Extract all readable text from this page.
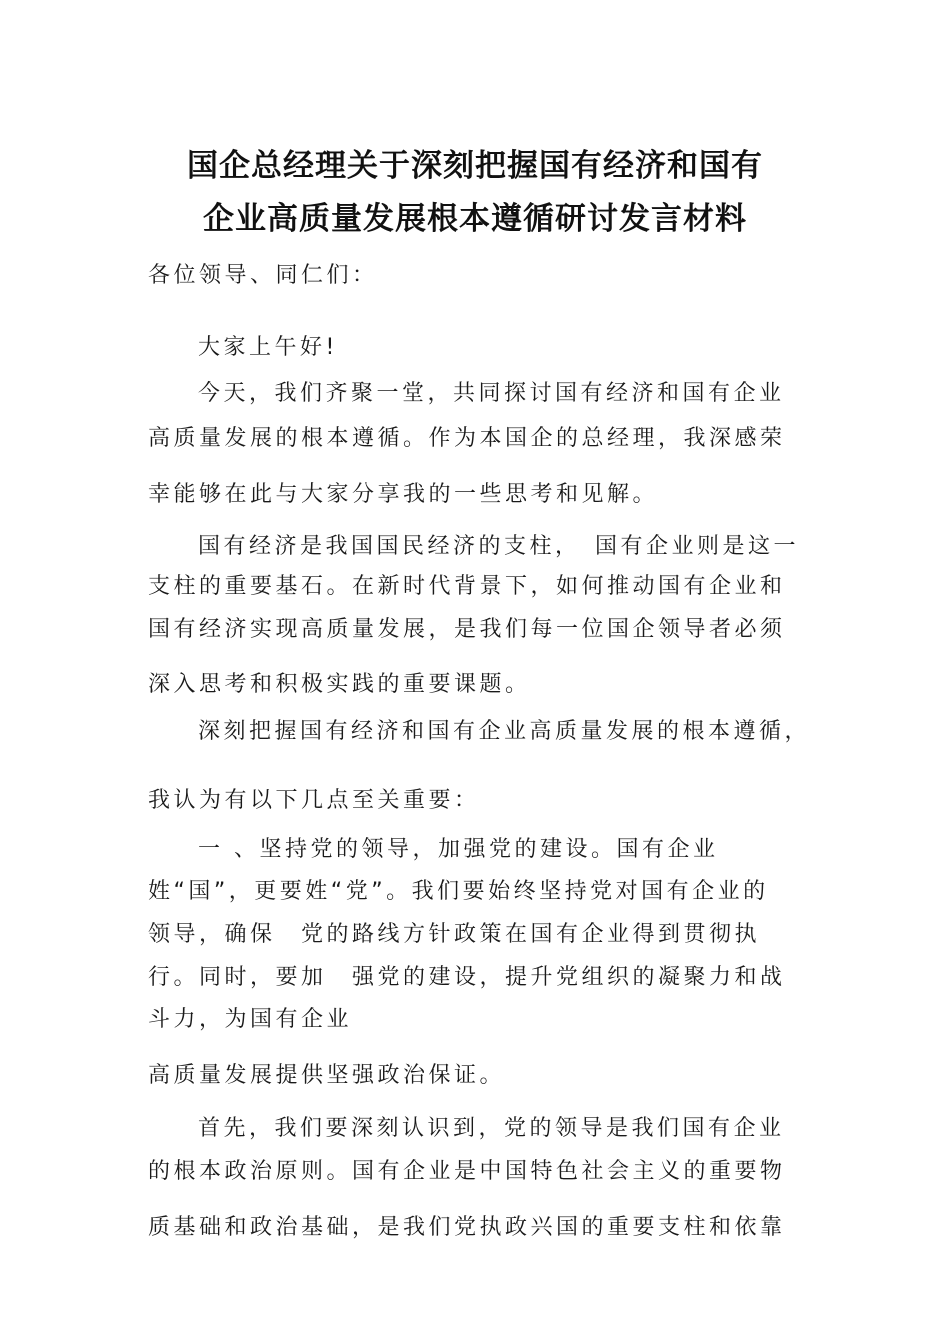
国企总经理关于深刻把握国有经济和国有
企业高质量发展根本遵循研讨发言材料
各位领导、同仁们：
大家上午好!
今天，我们齐聚一堂，共同探讨国有经济和国有企业
高质量发展的根本遵循。作为本国企的总经理，我深感荣
幸能够在此与大家分享我的一些思考和见解。
国有经济是我国国民经济的支柱，　国有企业则是这一
支柱的重要基石。在新时代背景下，如何推动国有企业和
国有经济实现高质量发展，是我们每一位国企领导者必须
深入思考和积极实践的重要课题。
深刻把握国有经济和国有企业高质量发展的根本遵循，
我认为有以下几点至关重要：
一 、坚持党的领导，加强党的建设。国有企业
姓“国”，更要姓“党”。我们要始终坚持党对国有企业的
领导，确保　党的路线方针政策在国有企业得到贯彻执
行。同时，要加　强党的建设，提升党组织的凝聚力和战
斗力，为国有企业
高质量发展提供坚强政治保证。
首先，我们要深刻认识到，党的领导是我们国有企业
的根本政治原则。国有企业是中国特色社会主义的重要物
质基础和政治基础，是我们党执政兴国的重要支柱和依靠
